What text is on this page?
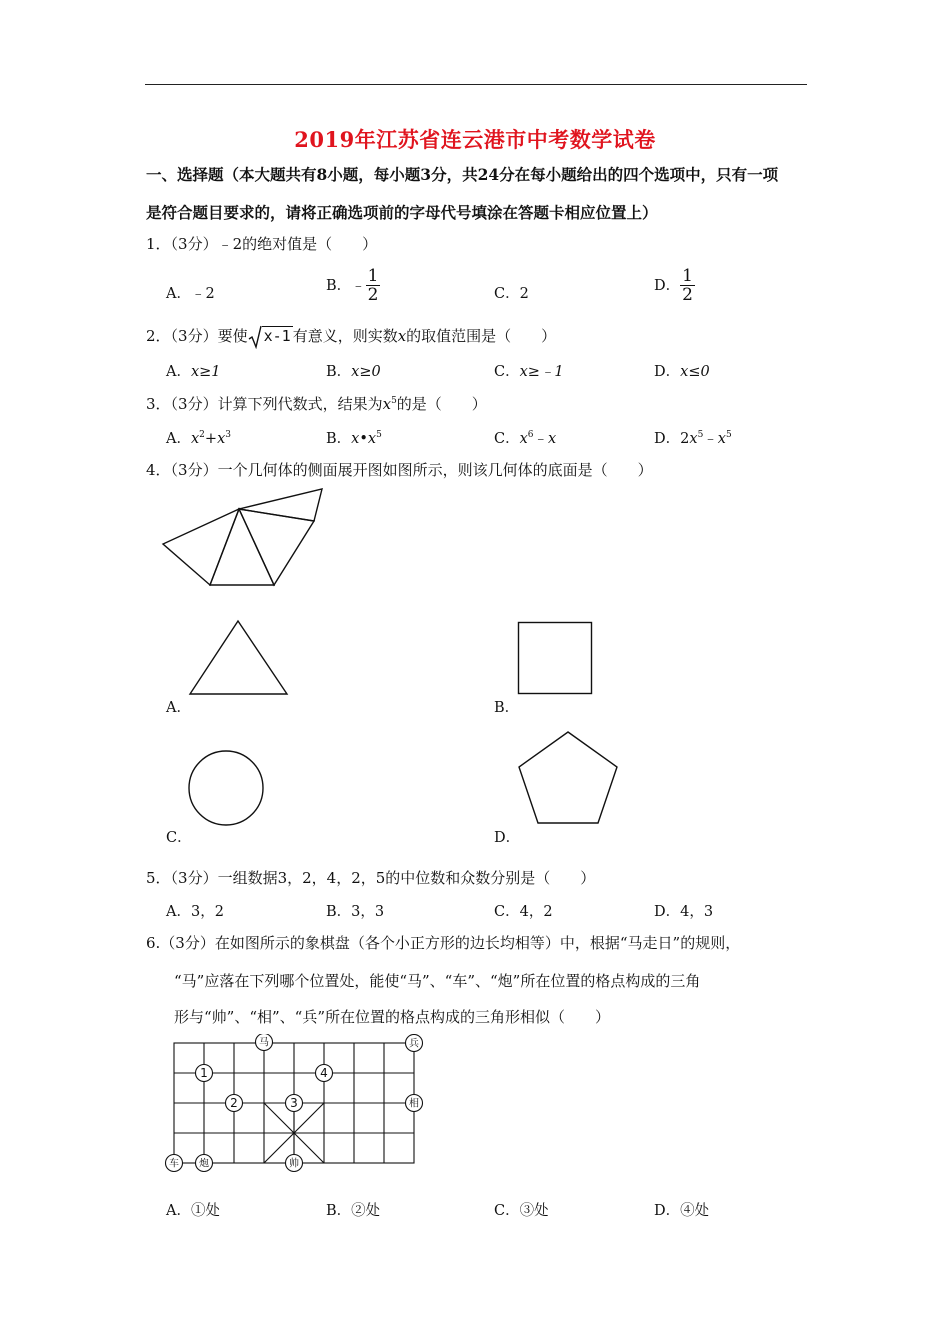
2019年江苏省连云港市中考数学试卷
一、选择题（本大题共有8小题，每小题3分，共24分在每小题给出的四个选项中，只有一项
是符合题目要求的，请将正确选项前的字母代号填涂在答题卡相应位置上）
1．（3分）﹣2的绝对值是（　　）
A．﹣2	B．﹣ $\frac{1}{2}$	C．2	D． $\frac{1}{2}$
2．（3分）要使 x-1 有意义，则实数x的取值范围是（　　）
A．x≥1	B．x≥0	C．x≥﹣1	D．x≤0
3．（3分）计算下列代数式，结果为$x^5$的是（　　）
A．$x^2+x^3$	B．$x•x^5$	C．$x^6﹣x$	D．$2x^5﹣x^5$
4．（3分）一个几何体的侧面展开图如图所示，则该几何体的底面是（　　）
A．	B．
C．	D．
5．（3分）一组数据3，2，4，2，5的中位数和众数分别是（　　）
A．3，2	B．3，3	C．4，2	D．4，3
6.（3分）在如图所示的象棋盘（各个小正方形的边长均相等）中，根据“马走日”的规则，
“马”应落在下列哪个位置处，能使“马”、“车”、“炮”所在位置的格点构成的三角
形与“帅”、“相”、“兵”所在位置的格点构成的三角形相似（　　）
马	兵
相
车 炮	帅
1
2	3
4
A．①处	B．②处	C．③处	D．④处
